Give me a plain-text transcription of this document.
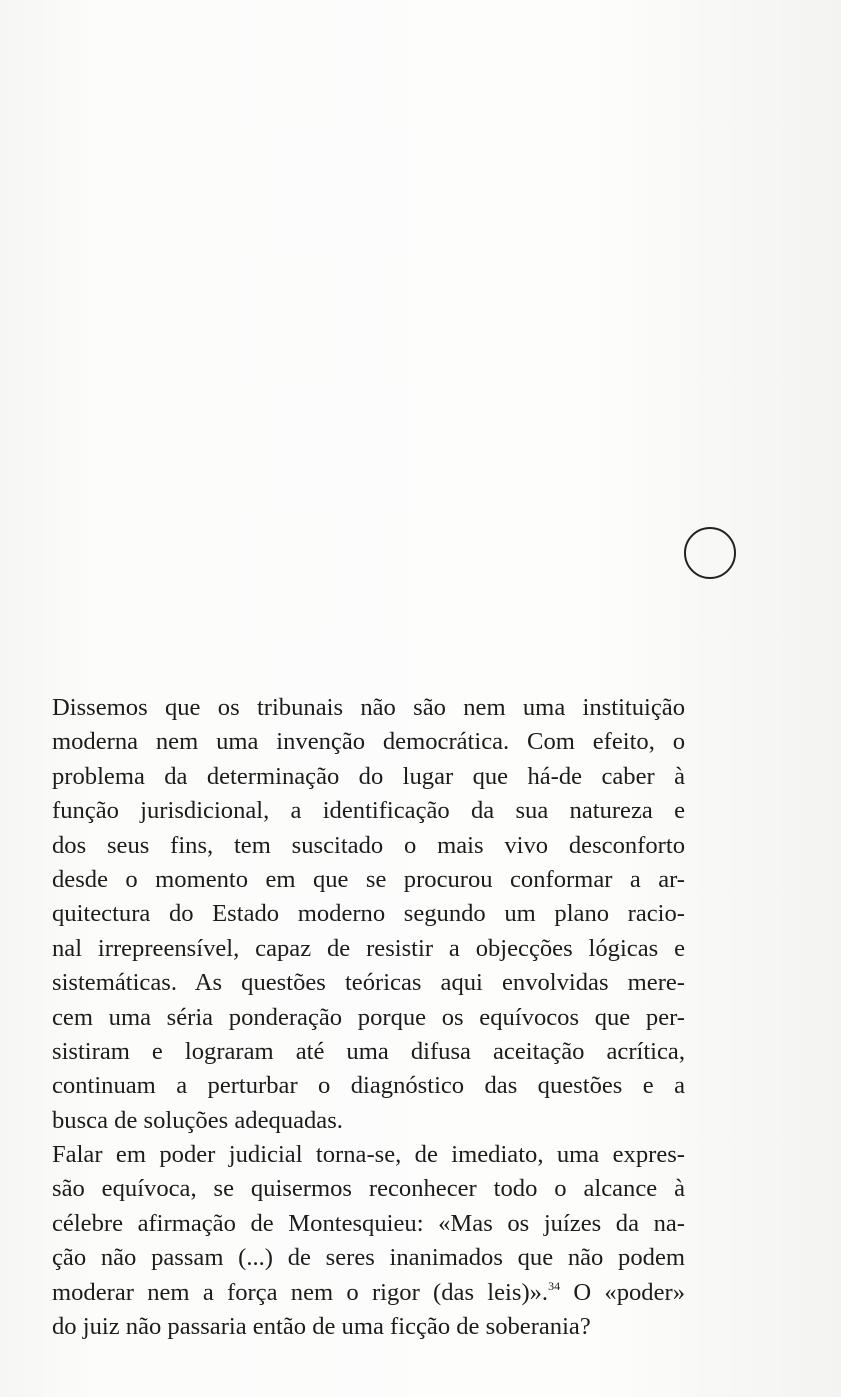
Dissemos que os tribunais não são nem uma instituição
moderna nem uma invenção democrática. Com efeito, o
problema da determinação do lugar que há-de caber à
função jurisdicional, a identificação da sua natureza e
dos seus fins, tem suscitado o mais vivo desconforto
desde o momento em que se procurou conformar a ar-
quitectura do Estado moderno segundo um plano racio-
nal irrepreensível, capaz de resistir a objecções lógicas e
sistemáticas. As questões teóricas aqui envolvidas mere-
cem uma séria ponderação porque os equívocos que per-
sistiram e lograram até uma difusa aceitação acrítica,
continuam a perturbar o diagnóstico das questões e a
busca de soluções adequadas.
Falar em poder judicial torna-se, de imediato, uma expres-
são equívoca, se quisermos reconhecer todo o alcance à
célebre afirmação de Montesquieu: «Mas os juízes da na-
ção não passam (...) de seres inanimados que não podem
moderar nem a força nem o rigor (das leis)».$^{34}$ O «poder»
do juiz não passaria então de uma ficção de soberania?
